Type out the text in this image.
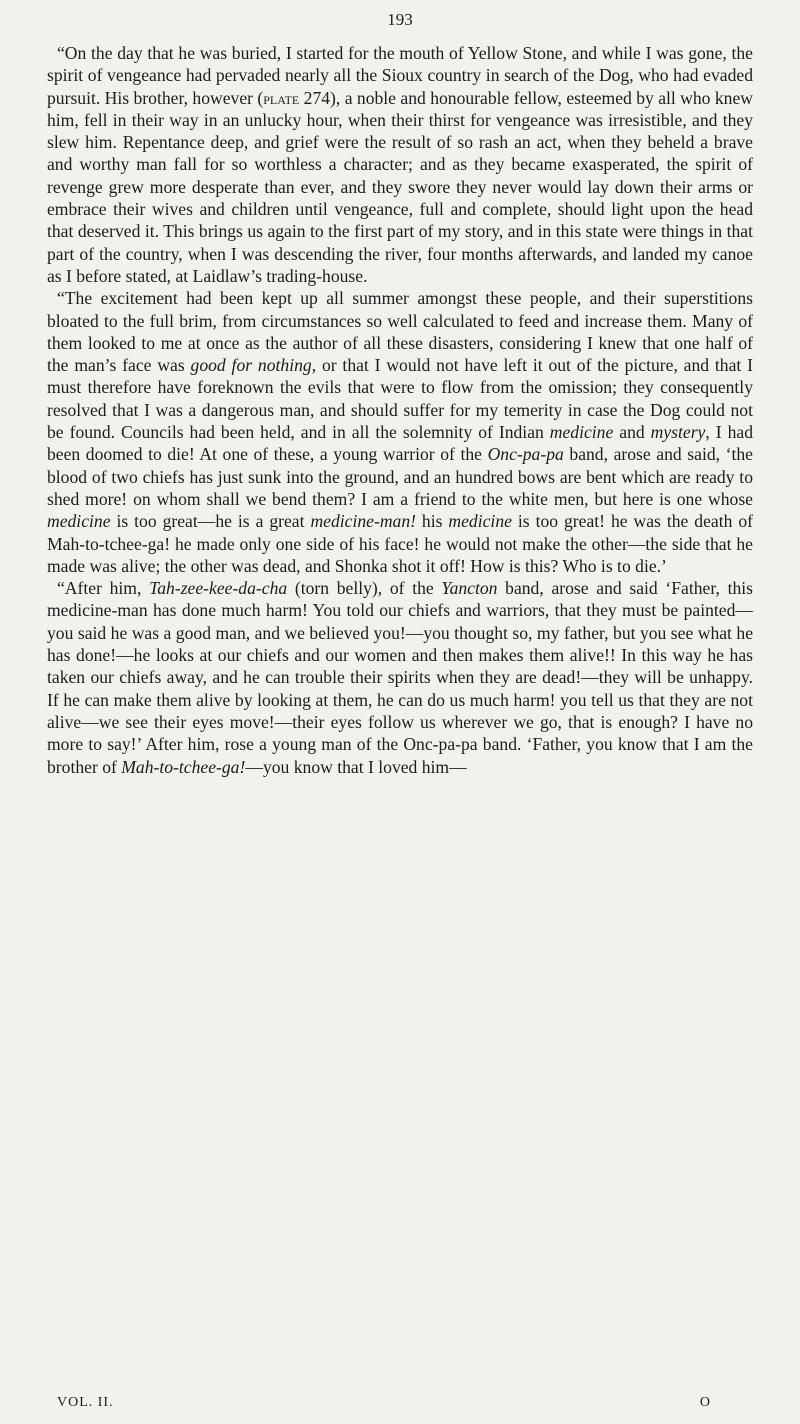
193

“On the day that he was buried, I started for the mouth of Yellow Stone, and while I was gone, the spirit of vengeance had pervaded nearly all the Sioux country in search of the Dog, who had evaded pursuit. His brother, however (plate 274), a noble and honourable fellow, esteemed by all who knew him, fell in their way in an unlucky hour, when their thirst for vengeance was irresistible, and they slew him. Repentance deep, and grief were the result of so rash an act, when they beheld a brave and worthy man fall for so worthless a character; and as they became exasperated, the spirit of revenge grew more desperate than ever, and they swore they never would lay down their arms or embrace their wives and children until vengeance, full and complete, should light upon the head that deserved it. This brings us again to the first part of my story, and in this state were things in that part of the country, when I was descending the river, four months afterwards, and landed my canoe as I before stated, at Laidlaw’s trading-house.

“The excitement had been kept up all summer amongst these people, and their superstitions bloated to the full brim, from circumstances so well calculated to feed and increase them. Many of them looked to me at once as the author of all these disasters, considering I knew that one half of the man’s face was good for nothing, or that I would not have left it out of the picture, and that I must therefore have foreknown the evils that were to flow from the omission; they consequently resolved that I was a dangerous man, and should suffer for my temerity in case the Dog could not be found. Councils had been held, and in all the solemnity of Indian medicine and mystery, I had been doomed to die! At one of these, a young warrior of the Onc-pa-pa band, arose and said, ‘the blood of two chiefs has just sunk into the ground, and an hundred bows are bent which are ready to shed more! on whom shall we bend them? I am a friend to the white men, but here is one whose medicine is too great—he is a great medicine-man! his medicine is too great! he was the death of Mah-to-tchee-ga! he made only one side of his face! he would not make the other—the side that he made was alive; the other was dead, and Shonka shot it off! How is this? Who is to die.’

“After him, Tah-zee-kee-da-cha (torn belly), of the Yancton band, arose and said ‘Father, this medicine-man has done much harm! You told our chiefs and warriors, that they must be painted—you said he was a good man, and we believed you!—you thought so, my father, but you see what he has done!—he looks at our chiefs and our women and then makes them alive!! In this way he has taken our chiefs away, and he can trouble their spirits when they are dead!—they will be unhappy. If he can make them alive by looking at them, he can do us much harm! you tell us that they are not alive—we see their eyes move!—their eyes follow us wherever we go, that is enough? I have no more to say!’ After him, rose a young man of the Onc-pa-pa band. ‘Father, you know that I am the brother of Mah-to-tchee-ga!—you know that I loved him—

VOL. II.	O
